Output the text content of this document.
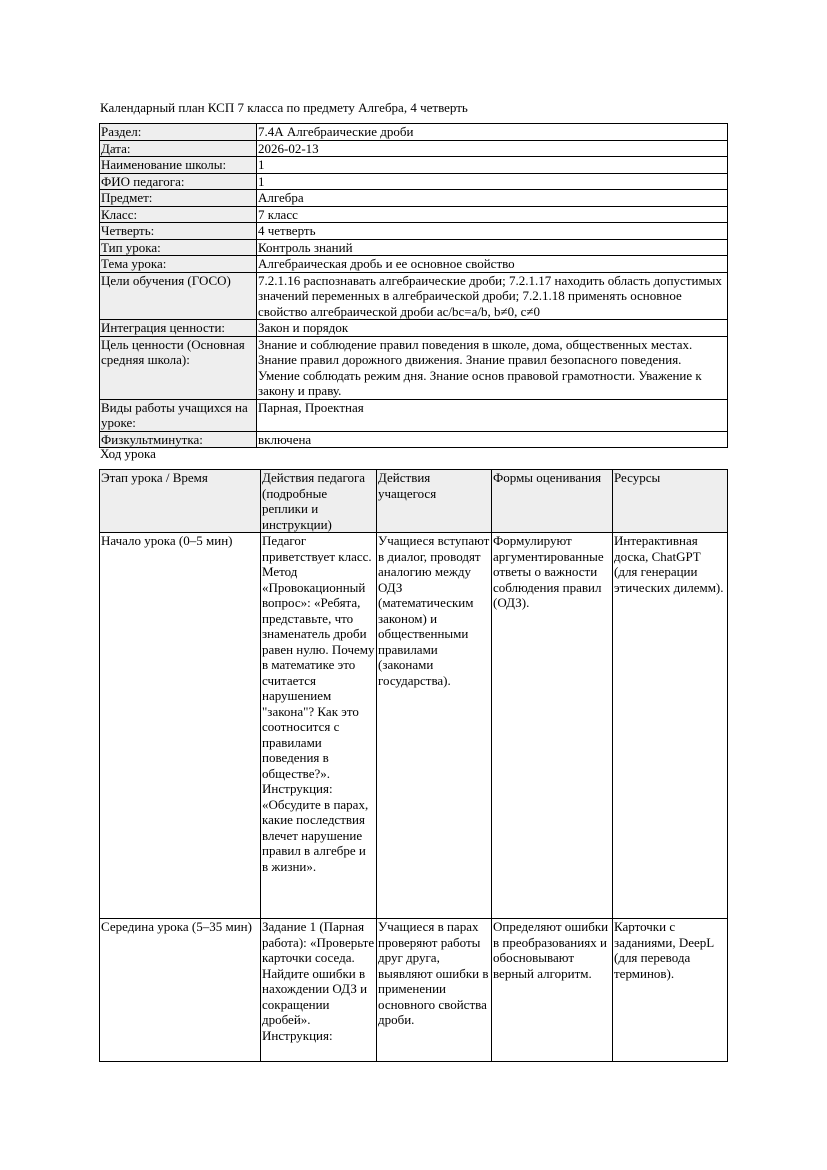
Календарный план КСП 7 класса по предмету Алгебра, 4 четверть
Раздел:	7.4А Алгебраические дроби
Дата:	2026-02-13
Наименование школы:	1
ФИО педагога:	1
Предмет:	Алгебра
Класс:	7 класс
Четверть:	4 четверть
Тип урока:	Контроль знаний
Тема урока:	Алгебраическая дробь и ее основное свойство
Цели обучения (ГОСО)	7.2.1.16 распознавать алгебраические дроби; 7.2.1.17 находить область допустимых значений переменных в алгебраической дроби; 7.2.1.18 применять основное свойство алгебраической дроби ac/bc=a/b, b≠0, c≠0
Интеграция ценности:	Закон и порядок
Цель ценности (Основная средняя школа):	Знание и соблюдение правил поведения в школе, дома, общественных местах. Знание правил дорожного движения. Знание правил безопасного поведения. Умение соблюдать режим дня. Знание основ правовой грамотности. Уважение к закону и праву.
Виды работы учащихся на уроке:	Парная, Проектная
Физкультминутка:	включена
Ход урока
Этап урока / Время	Действия педагога (подробные реплики и инструкции)	Действия учащегося	Формы оценивания	Ресурсы
Начало урока (0–5 мин)	Педагог приветствует класс. Метод «Провокационный вопрос»: «Ребята, представьте, что знаменатель дроби равен нулю. Почему в математике это считается нарушением "закона"? Как это соотносится с правилами поведения в обществе?». Инструкция: «Обсудите в парах, какие последствия влечет нарушение правил в алгебре и в жизни».	Учащиеся вступают в диалог, проводят аналогию между ОДЗ (математическим законом) и общественными правилами (законами государства).	Формулируют аргументированные ответы о важности соблюдения правил (ОДЗ).	Интерактивная доска, ChatGPT (для генерации этических дилемм).
Середина урока (5–35 мин)	Задание 1 (Парная работа): «Проверьте карточки соседа. Найдите ошибки в нахождении ОДЗ и сокращении дробей». Инструкция:	Учащиеся в парах проверяют работы друг друга, выявляют ошибки в применении основного свойства дроби.	Определяют ошибки в преобразованиях и обосновывают верный алгоритм.	Карточки с заданиями, DeepL (для перевода терминов).
